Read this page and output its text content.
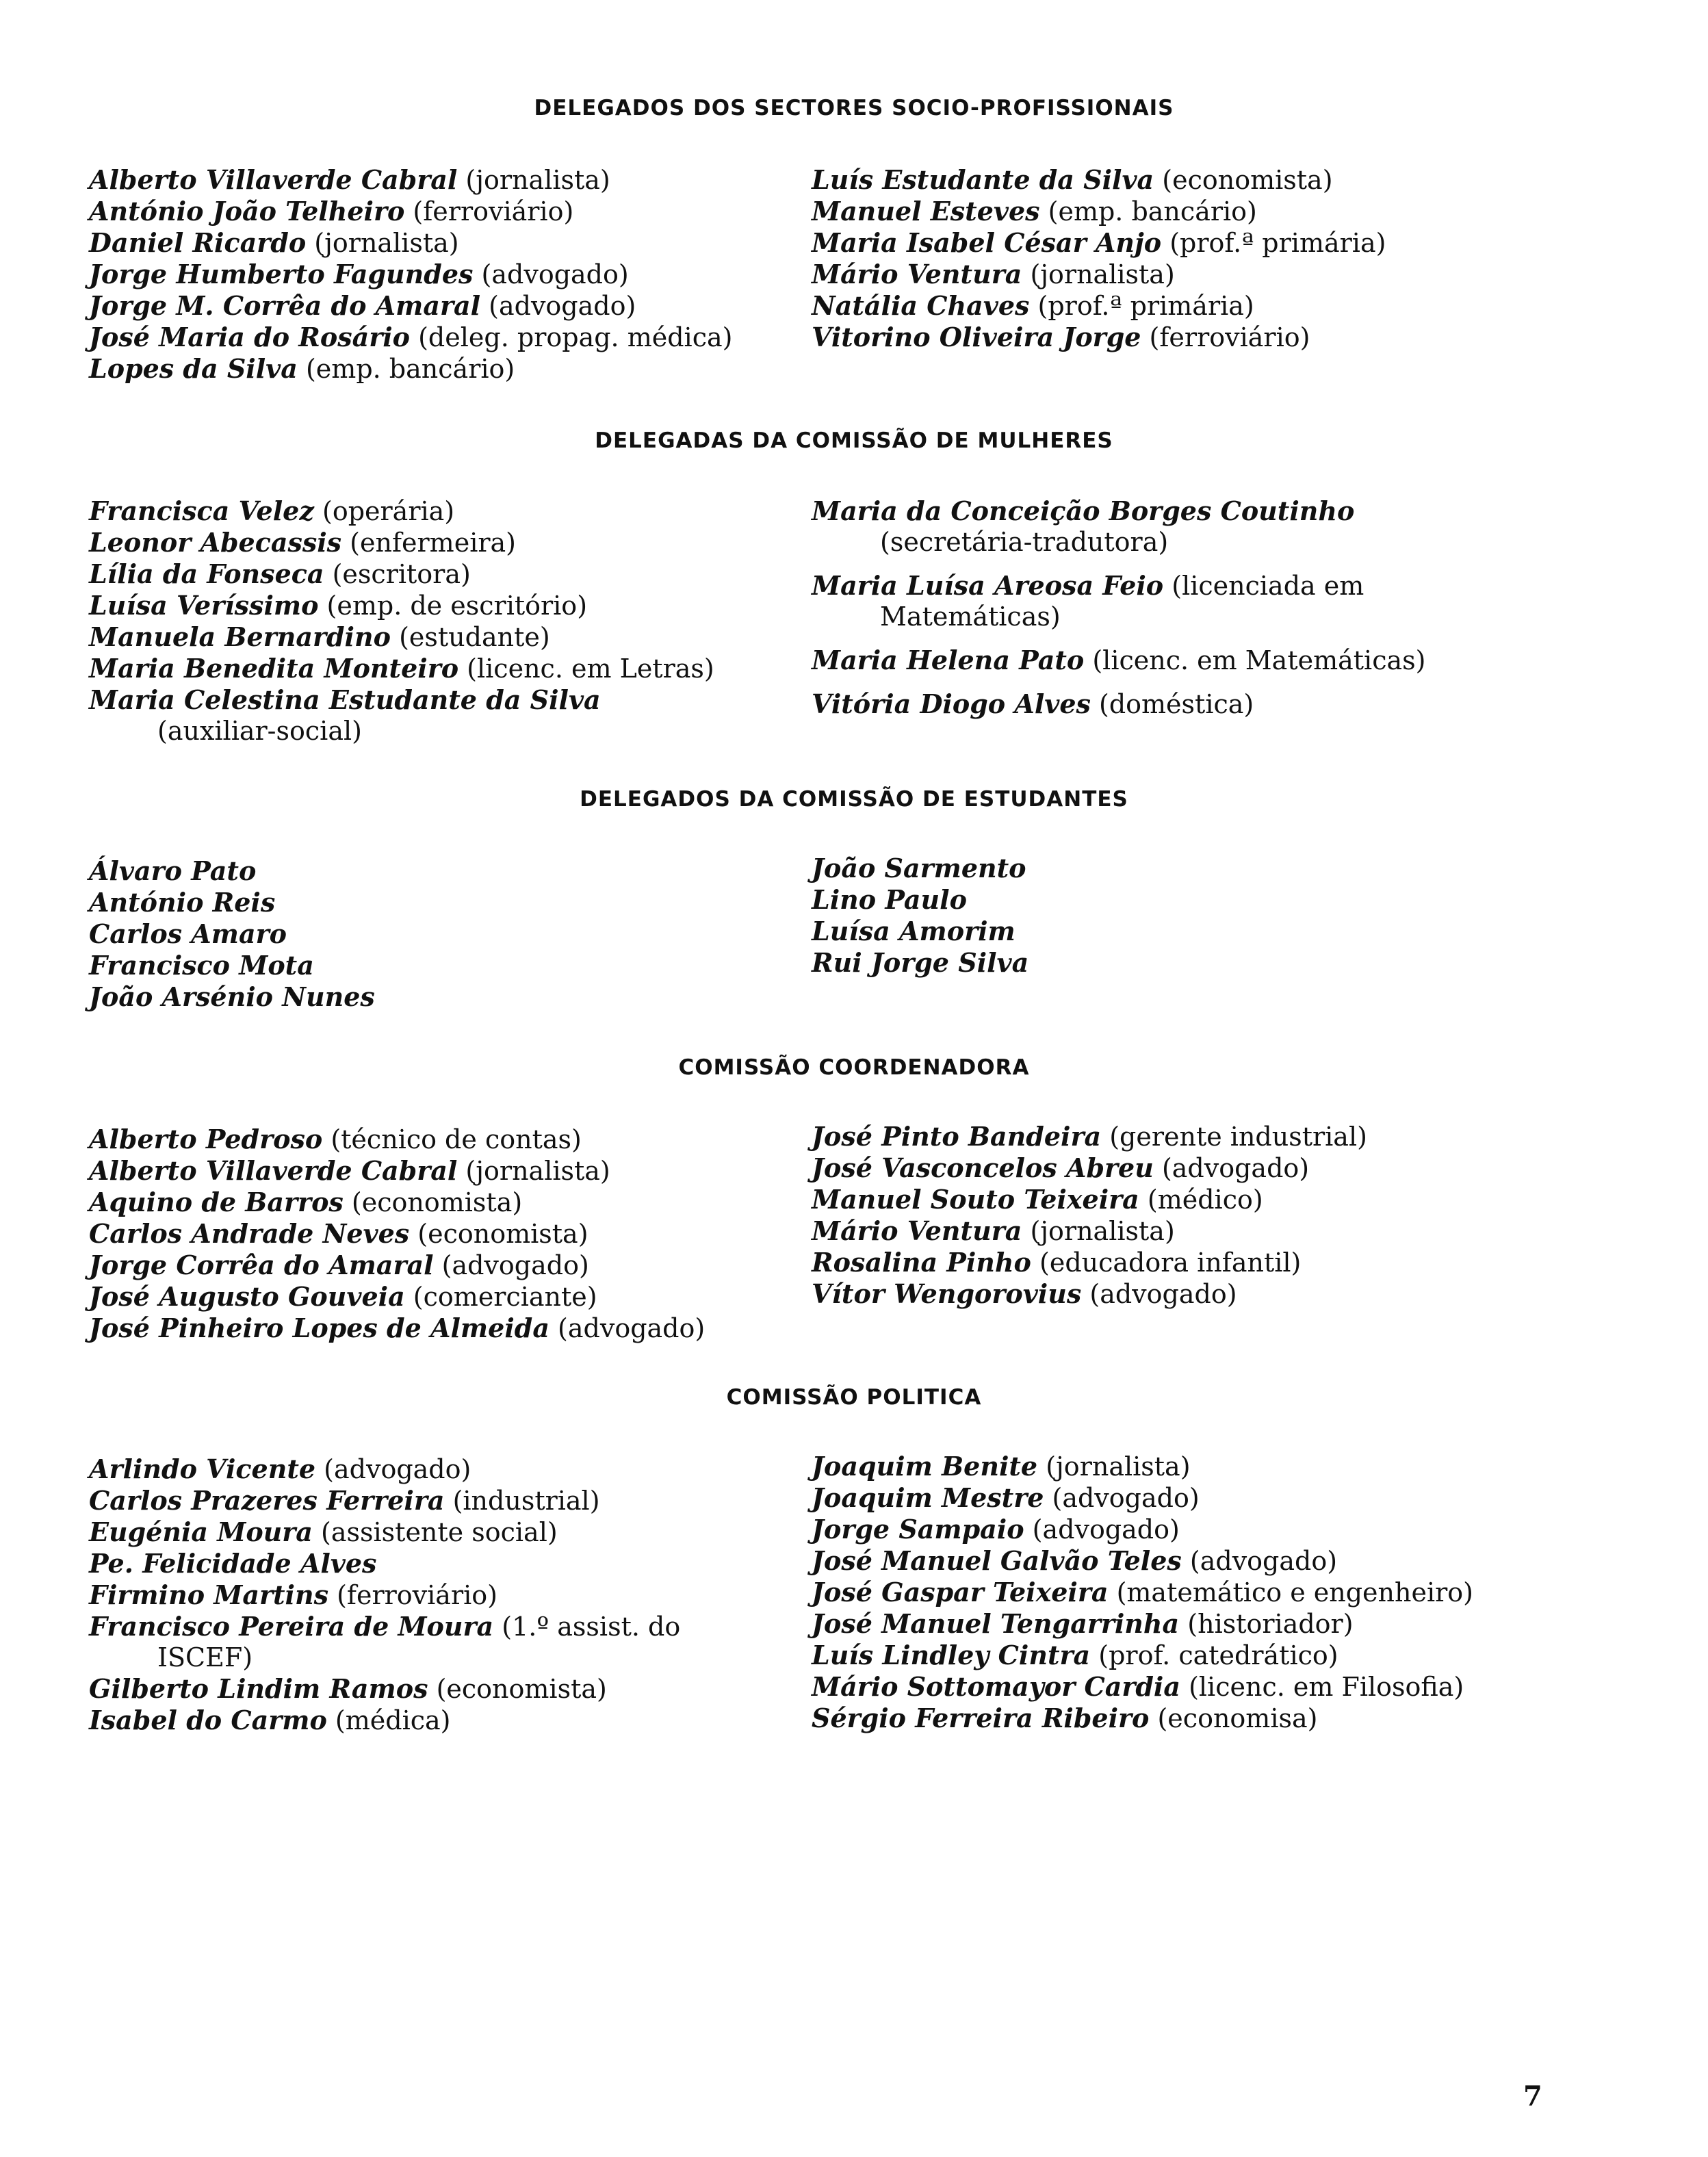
DELEGADOS DOS SECTORES SOCIO-PROFISSIONAIS
Alberto Villaverde Cabral (jornalista)
António João Telheiro (ferroviário)
Daniel Ricardo (jornalista)
Jorge Humberto Fagundes (advogado)
Jorge M. Corrêa do Amaral (advogado)
José Maria do Rosário (deleg. propag. médica)
Lopes da Silva (emp. bancário)
Luís Estudante da Silva (economista)
Manuel Esteves (emp. bancário)
Maria Isabel César Anjo (prof.ª primária)
Mário Ventura (jornalista)
Natália Chaves (prof.ª primária)
Vitorino Oliveira Jorge (ferroviário)
DELEGADAS DA COMISSÃO DE MULHERES
Francisca Velez (operária)
Leonor Abecassis (enfermeira)
Lília da Fonseca (escritora)
Luísa Veríssimo (emp. de escritório)
Manuela Bernardino (estudante)
Maria Benedita Monteiro (licenc. em Letras)
Maria Celestina Estudante da Silva
(auxiliar-social)
Maria da Conceição Borges Coutinho
(secretária-tradutora)
Maria Luísa Areosa Feio (licenciada em
Matemáticas)
Maria Helena Pato (licenc. em Matemáticas)
Vitória Diogo Alves (doméstica)
DELEGADOS DA COMISSÃO DE ESTUDANTES
Álvaro Pato
António Reis
Carlos Amaro
Francisco Mota
João Arsénio Nunes
João Sarmento
Lino Paulo
Luísa Amorim
Rui Jorge Silva
COMISSÃO COORDENADORA
Alberto Pedroso (técnico de contas)
Alberto Villaverde Cabral (jornalista)
Aquino de Barros (economista)
Carlos Andrade Neves (economista)
Jorge Corrêa do Amaral (advogado)
José Augusto Gouveia (comerciante)
José Pinheiro Lopes de Almeida (advogado)
José Pinto Bandeira (gerente industrial)
José Vasconcelos Abreu (advogado)
Manuel Souto Teixeira (médico)
Mário Ventura (jornalista)
Rosalina Pinho (educadora infantil)
Vítor Wengorovius (advogado)
COMISSÃO POLITICA
Arlindo Vicente (advogado)
Carlos Prazeres Ferreira (industrial)
Eugénia Moura (assistente social)
Pe. Felicidade Alves
Firmino Martins (ferroviário)
Francisco Pereira de Moura (1.º assist. do
ISCEF)
Gilberto Lindim Ramos (economista)
Isabel do Carmo (médica)
Joaquim Benite (jornalista)
Joaquim Mestre (advogado)
Jorge Sampaio (advogado)
José Manuel Galvão Teles (advogado)
José Gaspar Teixeira (matemático e engenheiro)
José Manuel Tengarrinha (historiador)
Luís Lindley Cintra (prof. catedrático)
Mário Sottomayor Cardia (licenc. em Filosofia)
Sérgio Ferreira Ribeiro (economisa)
7
